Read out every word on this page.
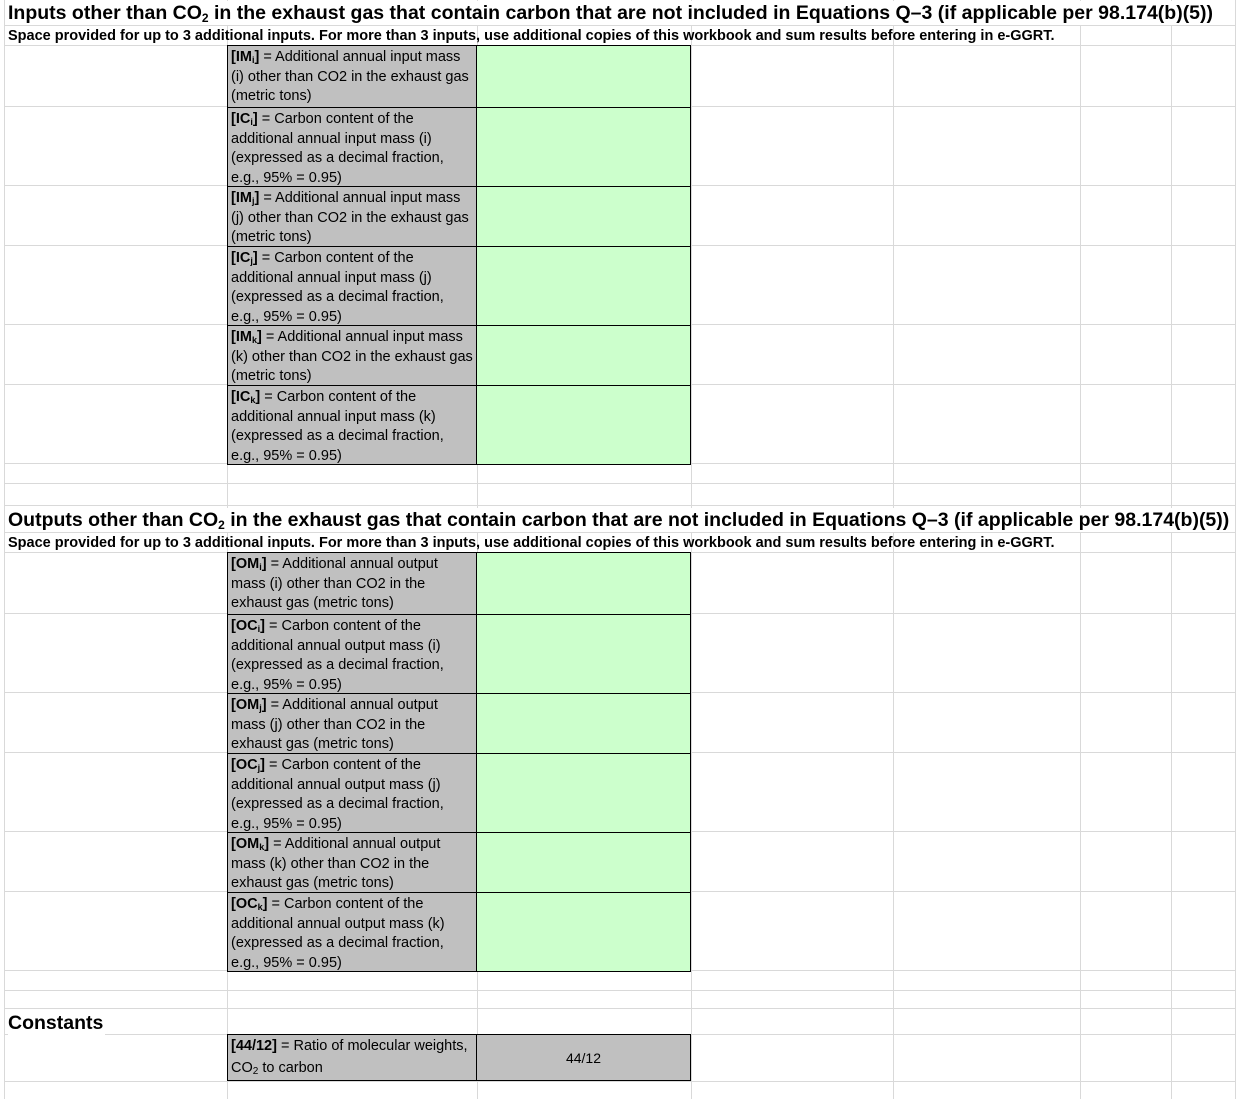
Inputs other than $CO_2$ in the exhaust gas that contain carbon that are not included in Equations Q–3 (if applicable per 98.174(b)(5))
Space provided for up to 3 additional inputs. For more than 3 inputs, use additional copies of this workbook and sum results before entering in e-GGRT.
$[IM_i]$ = Additional annual input mass (i) other than CO2 in the exhaust gas (metric tons)
$[IC_i]$ = Carbon content of the additional annual input mass (i) (expressed as a decimal fraction, e.g., 95% = 0.95)
$[IM_j]$ = Additional annual input mass (j) other than CO2 in the exhaust gas (metric tons)
$[IC_j]$ = Carbon content of the additional annual input mass (j) (expressed as a decimal fraction, e.g., 95% = 0.95)
$[IM_k]$ = Additional annual input mass (k) other than CO2 in the exhaust gas (metric tons)
$[IC_k]$ = Carbon content of the additional annual input mass (k) (expressed as a decimal fraction, e.g., 95% = 0.95)
Outputs other than $CO_2$ in the exhaust gas that contain carbon that are not included in Equations Q–3 (if applicable per 98.174(b)(5))
Space provided for up to 3 additional inputs. For more than 3 inputs, use additional copies of this workbook and sum results before entering in e-GGRT.
$[OM_i]$ = Additional annual output mass (i) other than CO2 in the exhaust gas (metric tons)
$[OC_i]$ = Carbon content of the additional annual output mass (i) (expressed as a decimal fraction, e.g., 95% = 0.95)
$[OM_j]$ = Additional annual output mass (j) other than CO2 in the exhaust gas (metric tons)
$[OC_j]$ = Carbon content of the additional annual output mass (j) (expressed as a decimal fraction, e.g., 95% = 0.95)
$[OM_k]$ = Additional annual output mass (k) other than CO2 in the exhaust gas (metric tons)
$[OC_k]$ = Carbon content of the additional annual output mass (k) (expressed as a decimal fraction, e.g., 95% = 0.95)
Constants
[44/12] = Ratio of molecular weights, $CO_2$ to carbon
44/12
